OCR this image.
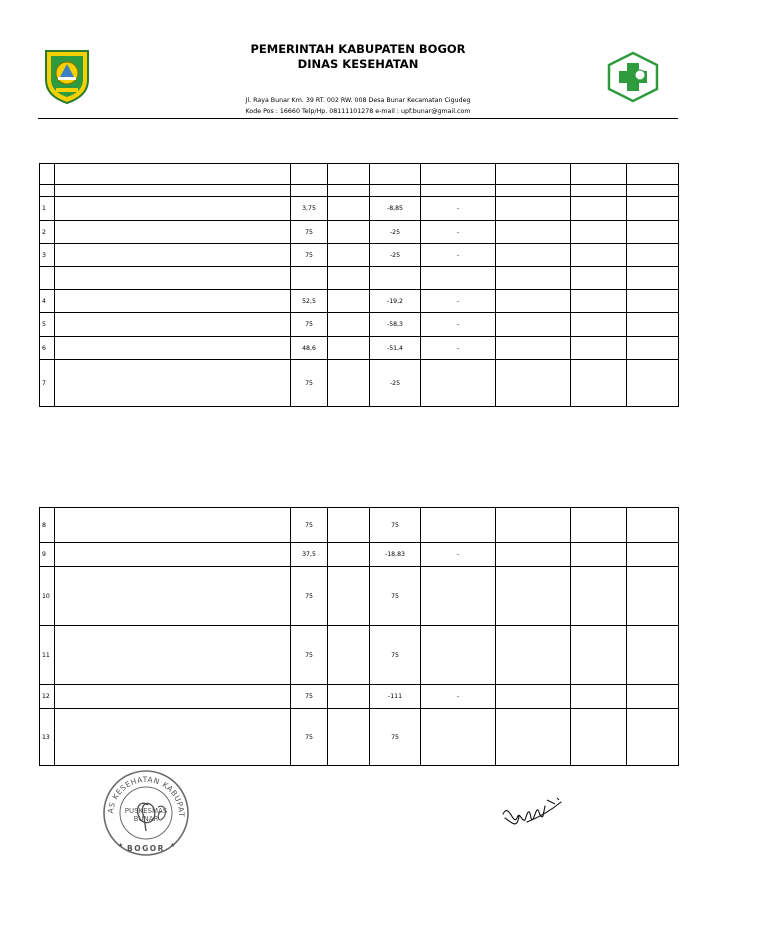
PEMERINTAH KABUPATEN BOGOR
DINAS KESEHATAN
Jl. Raya Bunar Km. 39 RT. 002 RW. 008 Desa Bunar Kecamatan Cigudeg
Kode Pos : 16660 Telp/Hp. 08111101278 e-mail : upf.bunar@gmail.com

1		3,75		-8,85	-			
2		75		-25	-			
3		75		-25	-			

4		52,5		-19,2	-			
5		75		-58,3	-			
6		48,6		-51,4	-			
7		75		-25				
8		75		75				
9		37,5		-18,83	-			
10		75		75				
11		75		75				
12		75		-111	-			
13		75		75				
AS KESEHATAN KABUPAT
BOGOR
PUSKESMAS
BUNAR
★	★
